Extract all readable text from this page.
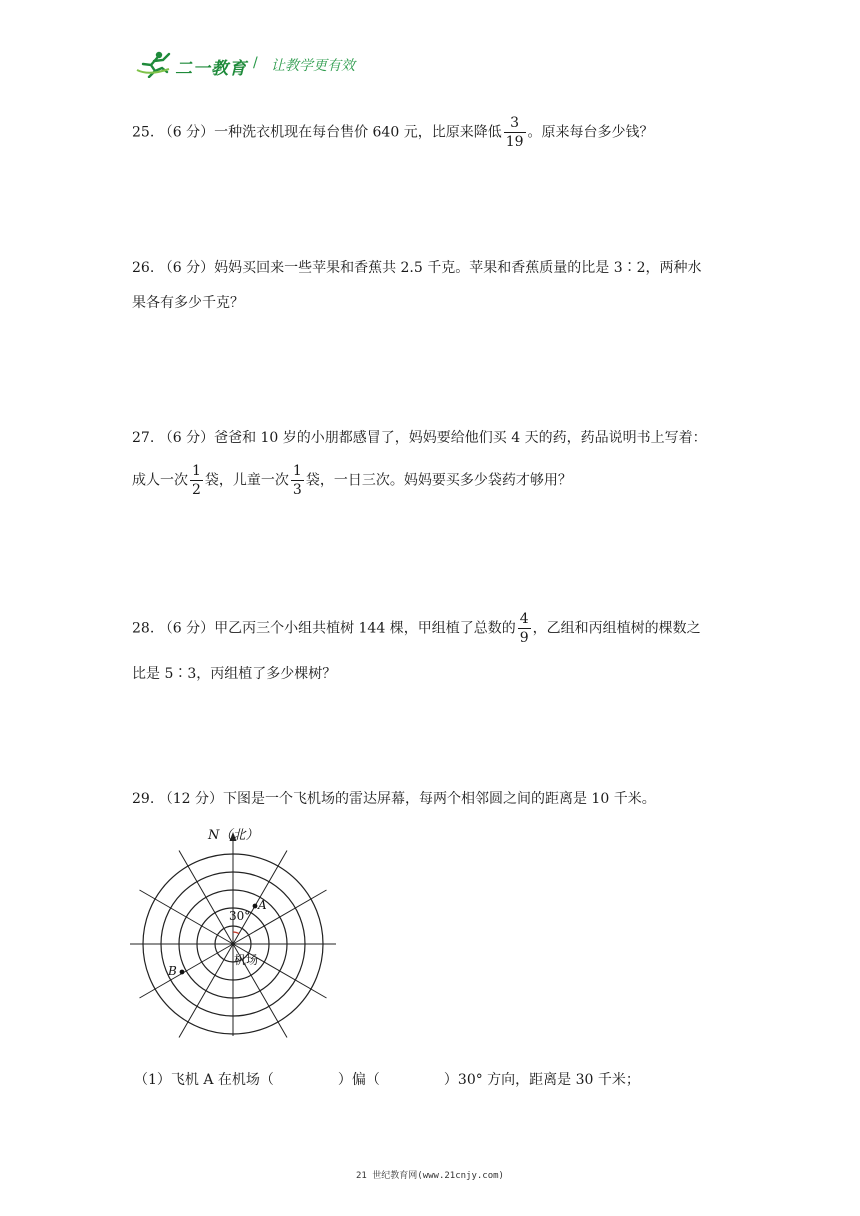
二一教育 / 让教学更有效
25. （6 分）一种洗衣机现在每台售价 640 元，比原来降低 $\frac{3}{19}$ 。原来每台多少钱？
26. （6 分）妈妈买回来一些苹果和香蕉共 2.5 千克。苹果和香蕉质量的比是 3∶2，两种水
果各有多少千克？
27. （6 分）爸爸和 10 岁的小朋都感冒了，妈妈要给他们买 4 天的药，药品说明书上写着：
成人一次 $\frac{1}{2}$ 袋，儿童一次 $\frac{1}{3}$ 袋，一日三次。妈妈要买多少袋药才够用？
28. （6 分）甲乙丙三个小组共植树 144 棵，甲组植了总数的 $\frac{4}{9}$ ，乙组和丙组植树的棵数之
比是 5∶3，丙组植了多少棵树？
29. （12 分）下图是一个飞机场的雷达屏幕，每两个相邻圆之间的距离是 10 千米。
N（北）
30°
A
B
机场
（1）飞机 A 在机场（	）偏（	）30° 方向，距离是 30 千米；
21 世纪教育网(www.21cnjy.com)
